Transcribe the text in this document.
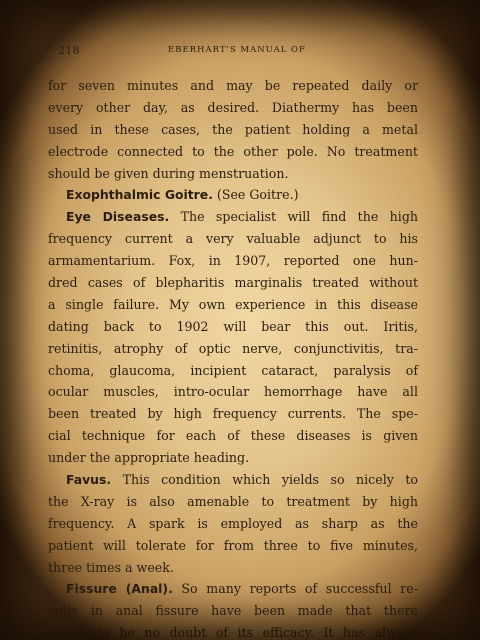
218	EBERHART'S MANUAL OF
for seven minutes and may be repeated daily or
every other day, as desired. Diathermy has been
used in these cases, the patient holding a metal
electrode connected to the other pole. No treatment
should be given during menstruation.
Exophthalmic Goitre. (See Goitre.)
Eye Diseases. The specialist will find the high
frequency current a very valuable adjunct to his
armamentarium. Fox, in 1907, reported one hun-
dred cases of blepharitis marginalis treated without
a single failure. My own experience in this disease
dating back to 1902 will bear this out. Iritis,
retinitis, atrophy of optic nerve, conjunctivitis, tra-
choma, glaucoma, incipient cataract, paralysis of
ocular muscles, intro-ocular hemorrhage have all
been treated by high frequency currents. The spe-
cial technique for each of these diseases is given
under the appropriate heading.
Favus. This condition which yields so nicely to
the X-ray is also amenable to treatment by high
frequency. A spark is employed as sharp as the
patient will tolerate for from three to five minutes,
three times a week.
Fissure (Anal). So many reports of successful re-
sults in anal fissure have been made that there
seems to be no doubt of its efficacy. It has always
